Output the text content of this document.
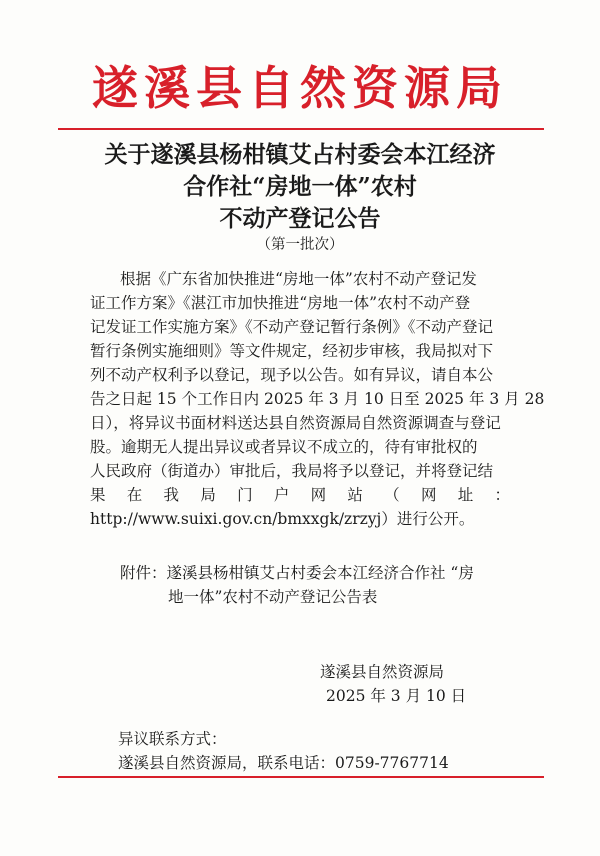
遂溪县自然资源局
关于遂溪县杨柑镇艾占村委会本江经济
合作社“房地一体”农村
不动产登记公告
（第一批次）
根据《广东省加快推进“房地一体”农村不动产登记发
证工作方案》《湛江市加快推进“房地一体”农村不动产登
记发证工作实施方案》《不动产登记暂行条例》《不动产登记
暂行条例实施细则》等文件规定，经初步审核，我局拟对下
列不动产权利予以登记，现予以公告。如有异议，请自本公
告之日起 15 个工作日内 2025 年 3 月 10 日至 2025 年 3 月 28
日），将异议书面材料送达县自然资源局自然资源调查与登记
股。逾期无人提出异议或者异议不成立的，待有审批权的
人民政府（街道办）审批后，我局将予以登记，并将登记结
果在我局门户网站（网址：
http://www.suixi.gov.cn/bmxxgk/zrzyj）进行公开。
附件：遂溪县杨柑镇艾占村委会本江经济合作社 “房
地一体”农村不动产登记公告表
遂溪县自然资源局
2025 年 3 月 10 日
异议联系方式：
遂溪县自然资源局，联系电话：0759-7767714
